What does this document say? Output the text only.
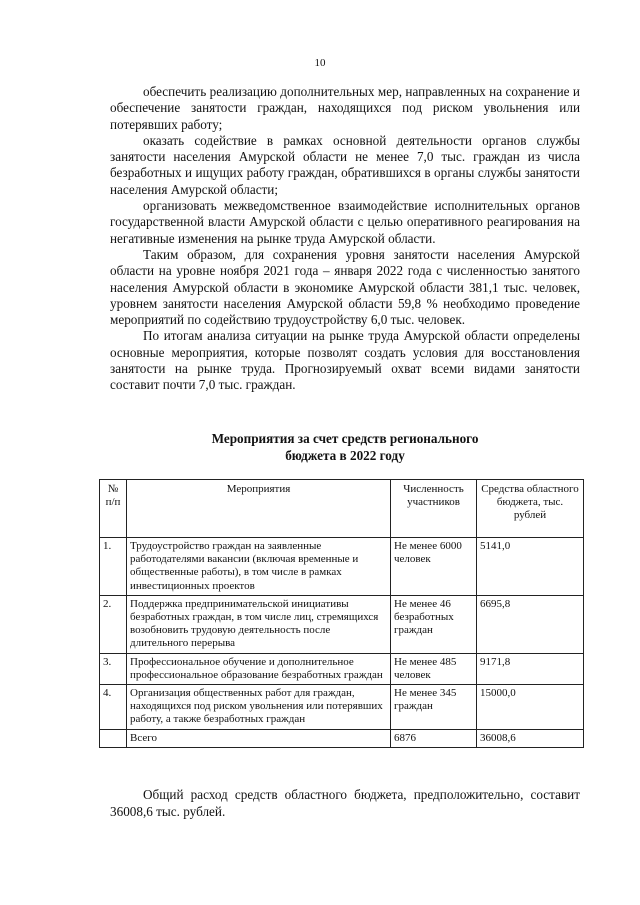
10

обеспечить реализацию дополнительных мер, направленных на сохранение и обеспечение занятости граждан, находящихся под риском увольнения или потерявших работу;

оказать содействие в рамках основной деятельности органов службы занятости населения Амурской области не менее 7,0 тыс. граждан из числа безработных и ищущих работу граждан, обратившихся в органы службы занятости населения Амурской области;

организовать межведомственное взаимодействие исполнительных органов государственной власти Амурской области с целью оперативного реагирования на негативные изменения на рынке труда Амурской области.

Таким образом, для сохранения уровня занятости населения Амурской области на уровне ноября 2021 года – января 2022 года с численностью занятого населения Амурской области в экономике Амурской области 381,1 тыс. человек, уровнем занятости населения Амурской области 59,8 % необходимо проведение мероприятий по содействию трудоустройству 6,0 тыс. человек.

По итогам анализа ситуации на рынке труда Амурской области определены основные мероприятия, которые позволят создать условия для восстановления занятости на рынке труда. Прогнозируемый охват всеми видами занятости составит почти 7,0 тыс. граждан.

Мероприятия за счет средств регионального
бюджета в 2022 году
№ п/п	Мероприятия	Численность участников	Средства областного бюджета, тыс. рублей
1.	Трудоустройство граждан на заявленные работодателями вакансии (включая временные и общественные работы), в том числе в рамках инвестиционных проектов	Не менее 6000 человек	5141,0
2.	Поддержка предпринимательской инициативы безработных граждан, в том числе лиц, стремящихся возобновить трудовую деятельность после длительного перерыва	Не менее 46 безработных граждан	6695,8
3.	Профессиональное обучение и дополнительное профессиональное образование безработных граждан	Не менее 485 человек	9171,8
4.	Организация общественных работ для граждан, находящихся под риском увольнения или потерявших работу, а также безработных граждан	Не менее 345 граждан	15000,0
	Всего	6876	36008,6

Общий расход средств областного бюджета, предположительно, составит 36008,6 тыс. рублей.
